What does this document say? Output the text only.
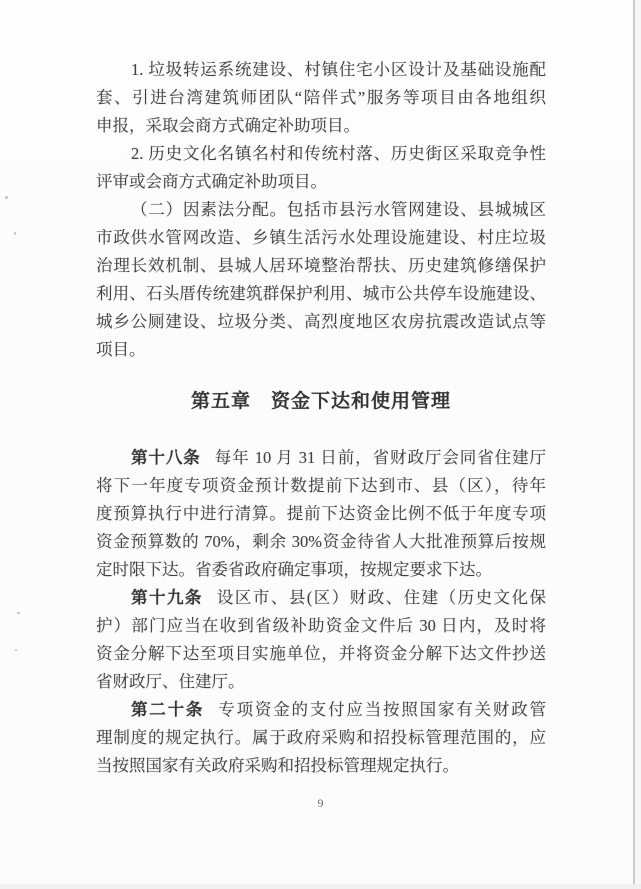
1. 垃圾转运系统建设、村镇住宅小区设计及基础设施配
套、引进台湾建筑师团队“陪伴式”服务等项目由各地组织
申报，采取会商方式确定补助项目。
2. 历史文化名镇名村和传统村落、历史街区采取竞争性
评审或会商方式确定补助项目。
（二）因素法分配。包括市县污水管网建设、县城城区
市政供水管网改造、乡镇生活污水处理设施建设、村庄垃圾
治理长效机制、县城人居环境整治帮扶、历史建筑修缮保护
利用、石头厝传统建筑群保护利用、城市公共停车设施建设、
城乡公厕建设、垃圾分类、高烈度地区农房抗震改造试点等
项目。
第五章　资金下达和使用管理
第十八条 每年 10 月 31 日前，省财政厅会同省住建厅
将下一年度专项资金预计数提前下达到市、县（区），待年
度预算执行中进行清算。提前下达资金比例不低于年度专项
资金预算数的 70%，剩余 30%资金待省人大批准预算后按规
定时限下达。省委省政府确定事项，按规定要求下达。
第十九条 设区市、县(区）财政、住建（历史文化保
护）部门应当在收到省级补助资金文件后 30 日内，及时将
资金分解下达至项目实施单位，并将资金分解下达文件抄送
省财政厅、住建厅。
第二十条 专项资金的支付应当按照国家有关财政管
理制度的规定执行。属于政府采购和招投标管理范围的，应
当按照国家有关政府采购和招投标管理规定执行。
9
